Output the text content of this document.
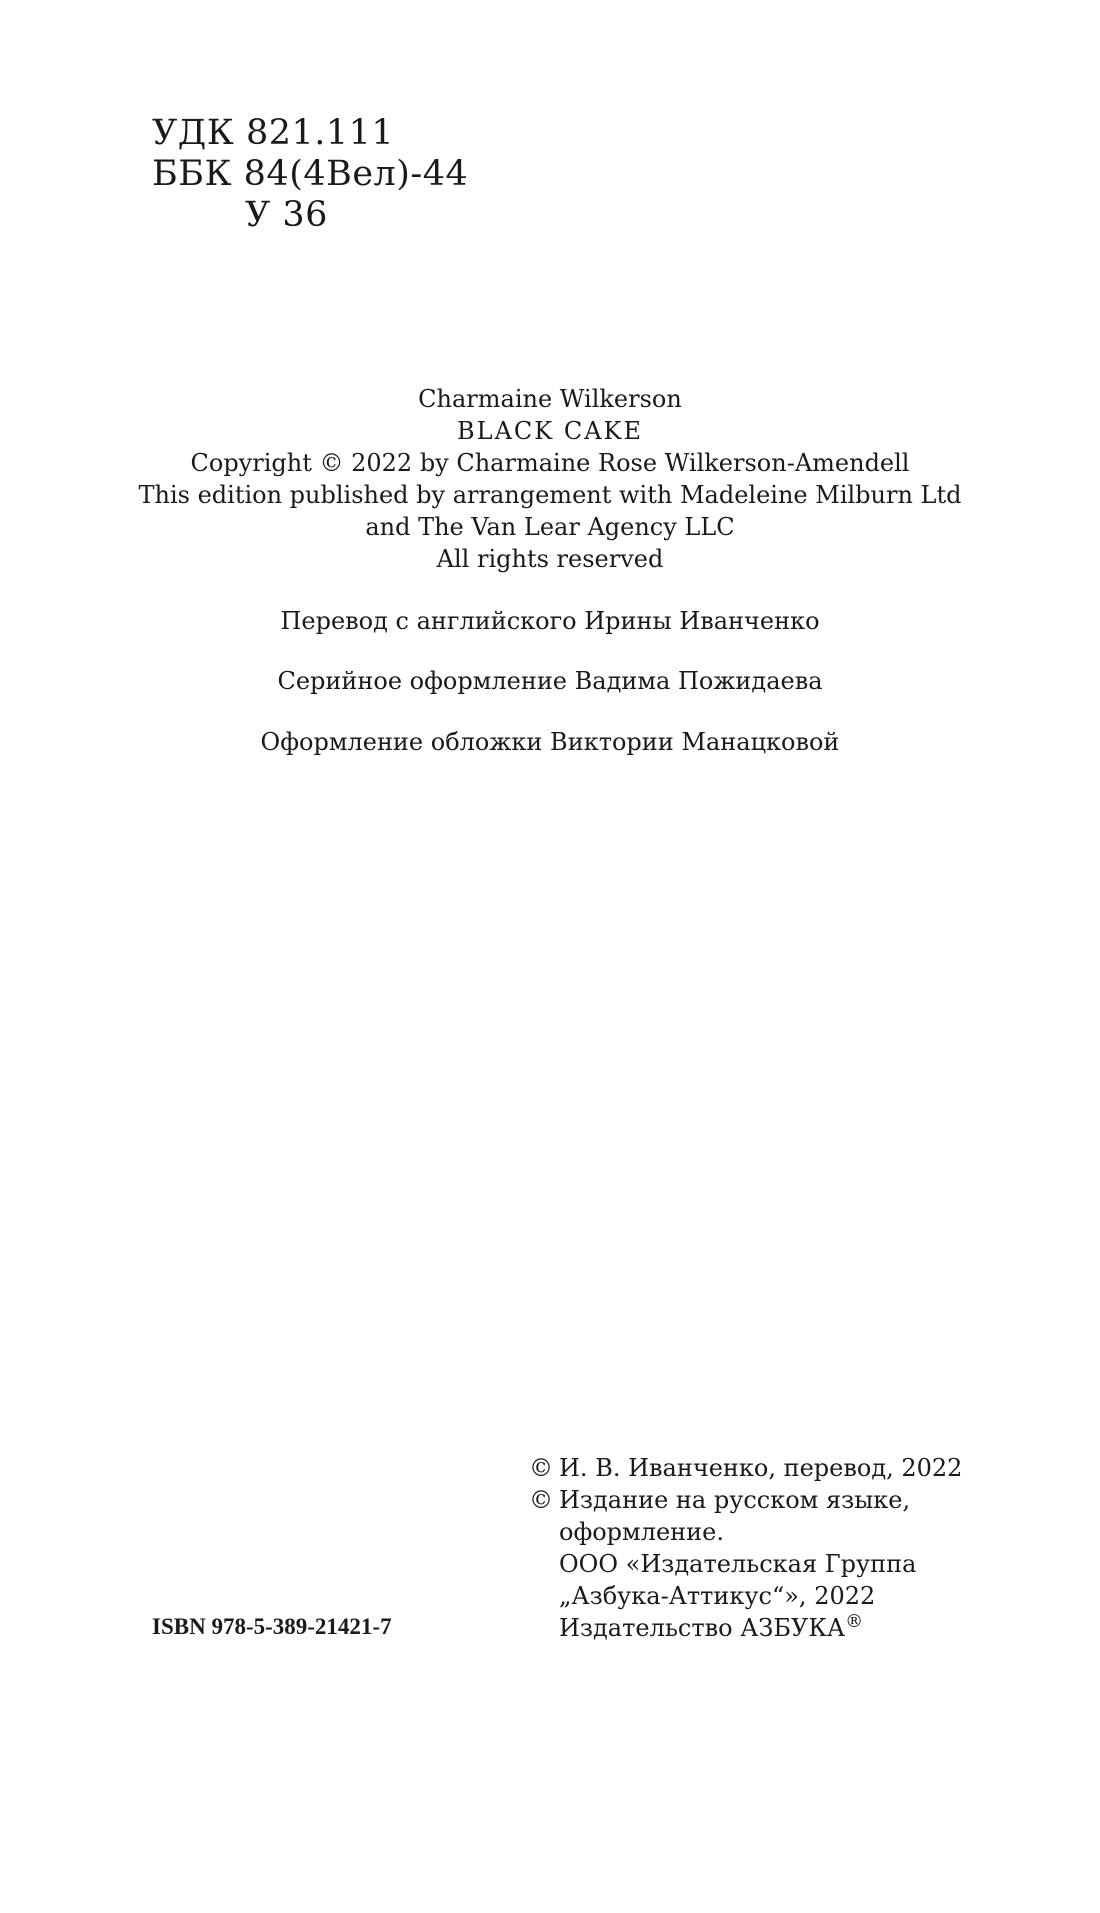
УДК 821.111
ББК 84(4Вел)-44
У 36
Charmaine Wilkerson
BLACK CAKE
Copyright © 2022 by Charmaine Rose Wilkerson-Amendell
This edition published by arrangement with Madeleine Milburn Ltd
and The Van Lear Agency LLC
All rights reserved
Перевод с английского Ирины Иванченко
Серийное оформление Вадима Пожидаева
Оформление обложки Виктории Манацковой
ISBN 978-5-389-21421-7
© И. В. Иванченко, перевод, 2022
© Издание на русском языке,
оформление.
ООО «Издательская Группа
„Азбука-Аттикус“», 2022
Издательство АЗБУКА®
